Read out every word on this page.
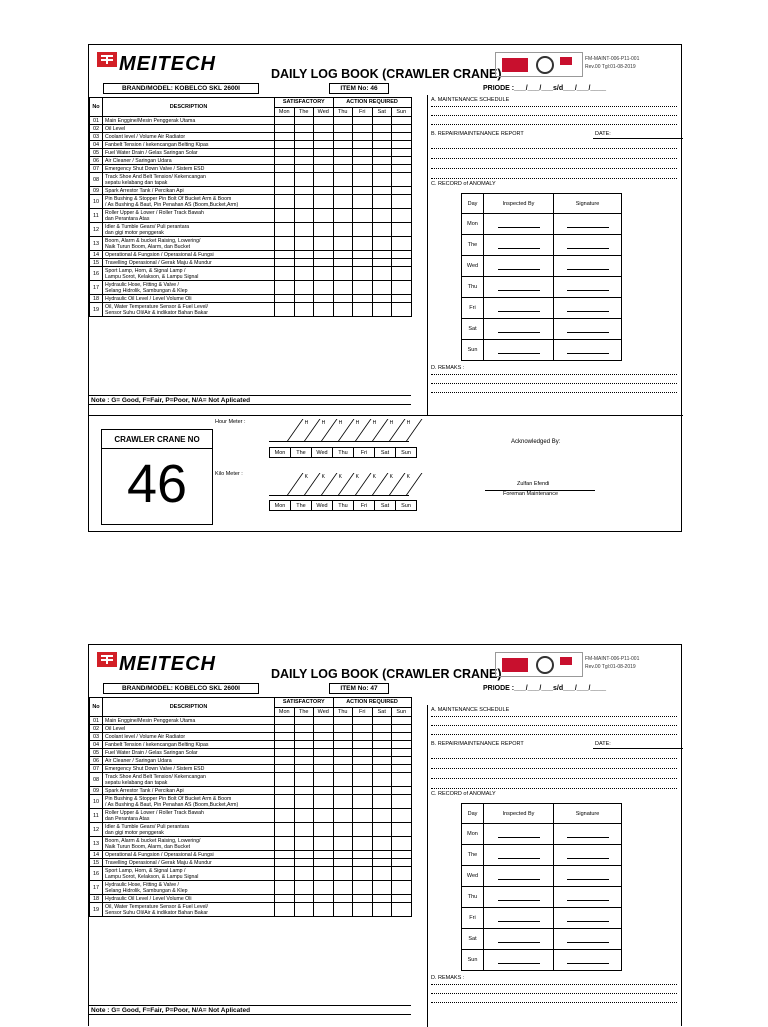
MEITECH	DAILY LOG BOOK (CRAWLER CRANE)
FM-MAINT-006-P11-001
Rev.00 Tgl:01-08-2019
BRAND/MODEL: KOBELCO SKL 2600I	ITEM No: 46	PRIODE :___/___/___s/d___/___/____
No	DESCRIPTION	SATISFACTORY			ACTION REQUIRED			
		Mon	The	Wed	Thu	Fri	Sat	Sun
01	Main Enggine/Mesin Penggerak Utama							

02	Oil Level							

03	Coolant level / Volume Air Radiator							

04	Fanbelt Tension / kekencangan Belting Kipas							

05	Fuel Water Drain / Gelas Saringan Solar							

06	Air Cleaner / Saringan Udara							

07	Emergency Shut Down Valve / Sistem ESD							

08	Track Shoe And Belt Tension/ Kekencangan
sepatu kelabang dan tapak							

09	Spark Arrestor Tank / Percikan Api							

10	Pin Bushing & Stopper Pin Bolt Of Bucket Arm & Boom
/ As Bushing & Baut, Pin Penahan AS (Boom,Bucket,Arm)							

11	Roller Upper & Lower / Roller Track Bawah
dan Perantara Atas							

12	Idler & Tumble Gears/ Puli perantara
dan gigi motor penggerak							

13	Boom, Alarm & bucket Raising, Lowering/
Naik Turun Boom, Alarm, dan Bucket							

14	Operational & Fungsion / Operasional & Fungsi							

15	Travelling Operasional / Gerak Maju & Mundur							

16	Sport Lamp, Horn, & Signal Lamp /
Lampu Sorot, Kelakson, & Lampu Signal							

17	Hydraulic Hose, Fitting & Valve /
Selang Hidrolik, Sambungan & Klep							

18	Hydraulic Oil Level / Level Volume Oli							

19	Oil, Water Temperature Sensor & Fuel Level/
Sensor Suhu Oli/Air & indikator Bahan Bakar							

Note : G= Good, F=Fair, P=Poor, N/A= Not Aplicated
A. MAINTENANCE SCHEDULE
B. REPAIR/MAINTENANCE REPORT	DATE:
C. RECORD of ANOMALY
Day	Inspected By	Signature
Mon		
The		
Wed		
Thu		
Fri		
Sat		
Sun		
D. REMAKS :
CRAWLER CRANE NO
46
Hour Meter :	H	H	H	H	H	H	H
Mon	The	Wed	Thu	Fri	Sat	Sun
Kilo Meter :	K	K	K	K	K	K	K
Mon	The	Wed	Thu	Fri	Sat	Sun
Acknowledged By:
Zulfan Efendi
Foreman Maintenance
MEITECH	DAILY LOG BOOK (CRAWLER CRANE)
FM-MAINT-006-P11-001
Rev.00 Tgl:01-08-2019
BRAND/MODEL: KOBELCO SKL 2600I	ITEM No: 47	PRIODE :___/___/___s/d___/___/____
No	DESCRIPTION	SATISFACTORY			ACTION REQUIRED			
		Mon	The	Wed	Thu	Fri	Sat	Sun
01	Main Enggine/Mesin Penggerak Utama							

02	Oil Level							

03	Coolant level / Volume Air Radiator							

04	Fanbelt Tension / kekencangan Belting Kipas							

05	Fuel Water Drain / Gelas Saringan Solar							

06	Air Cleaner / Saringan Udara							

07	Emergency Shut Down Valve / Sistem ESD							

08	Track Shoe And Belt Tension/ Kekencangan
sepatu kelabang dan tapak							

09	Spark Arrestor Tank / Percikan Api							

10	Pin Bushing & Stopper Pin Bolt Of Bucket Arm & Boom
/ As Bushing & Baut, Pin Penahan AS (Boom,Bucket,Arm)							

11	Roller Upper & Lower / Roller Track Bawah
dan Perantara Atas							

12	Idler & Tumble Gears/ Puli perantara
dan gigi motor penggerak							

13	Boom, Alarm & bucket Raising, Lowering/
Naik Turun Boom, Alarm, dan Bucket							

14	Operational & Fungsion / Operasional & Fungsi							

15	Travelling Operasional / Gerak Maju & Mundur							

16	Sport Lamp, Horn, & Signal Lamp /
Lampu Sorot, Kelakson, & Lampu Signal							

17	Hydraulic Hose, Fitting & Valve /
Selang Hidrolik, Sambungan & Klep							

18	Hydraulic Oil Level / Level Volume Oli							

19	Oil, Water Temperature Sensor & Fuel Level/
Sensor Suhu Oli/Air & indikator Bahan Bakar							

Note : G= Good, F=Fair, P=Poor, N/A= Not Aplicated
A. MAINTENANCE SCHEDULE
B. REPAIR/MAINTENANCE REPORT	DATE:
C. RECORD of ANOMALY
Day	Inspected By	Signature
Mon		
The		
Wed		
Thu		
Fri		
Sat		
Sun		
D. REMAKS :
